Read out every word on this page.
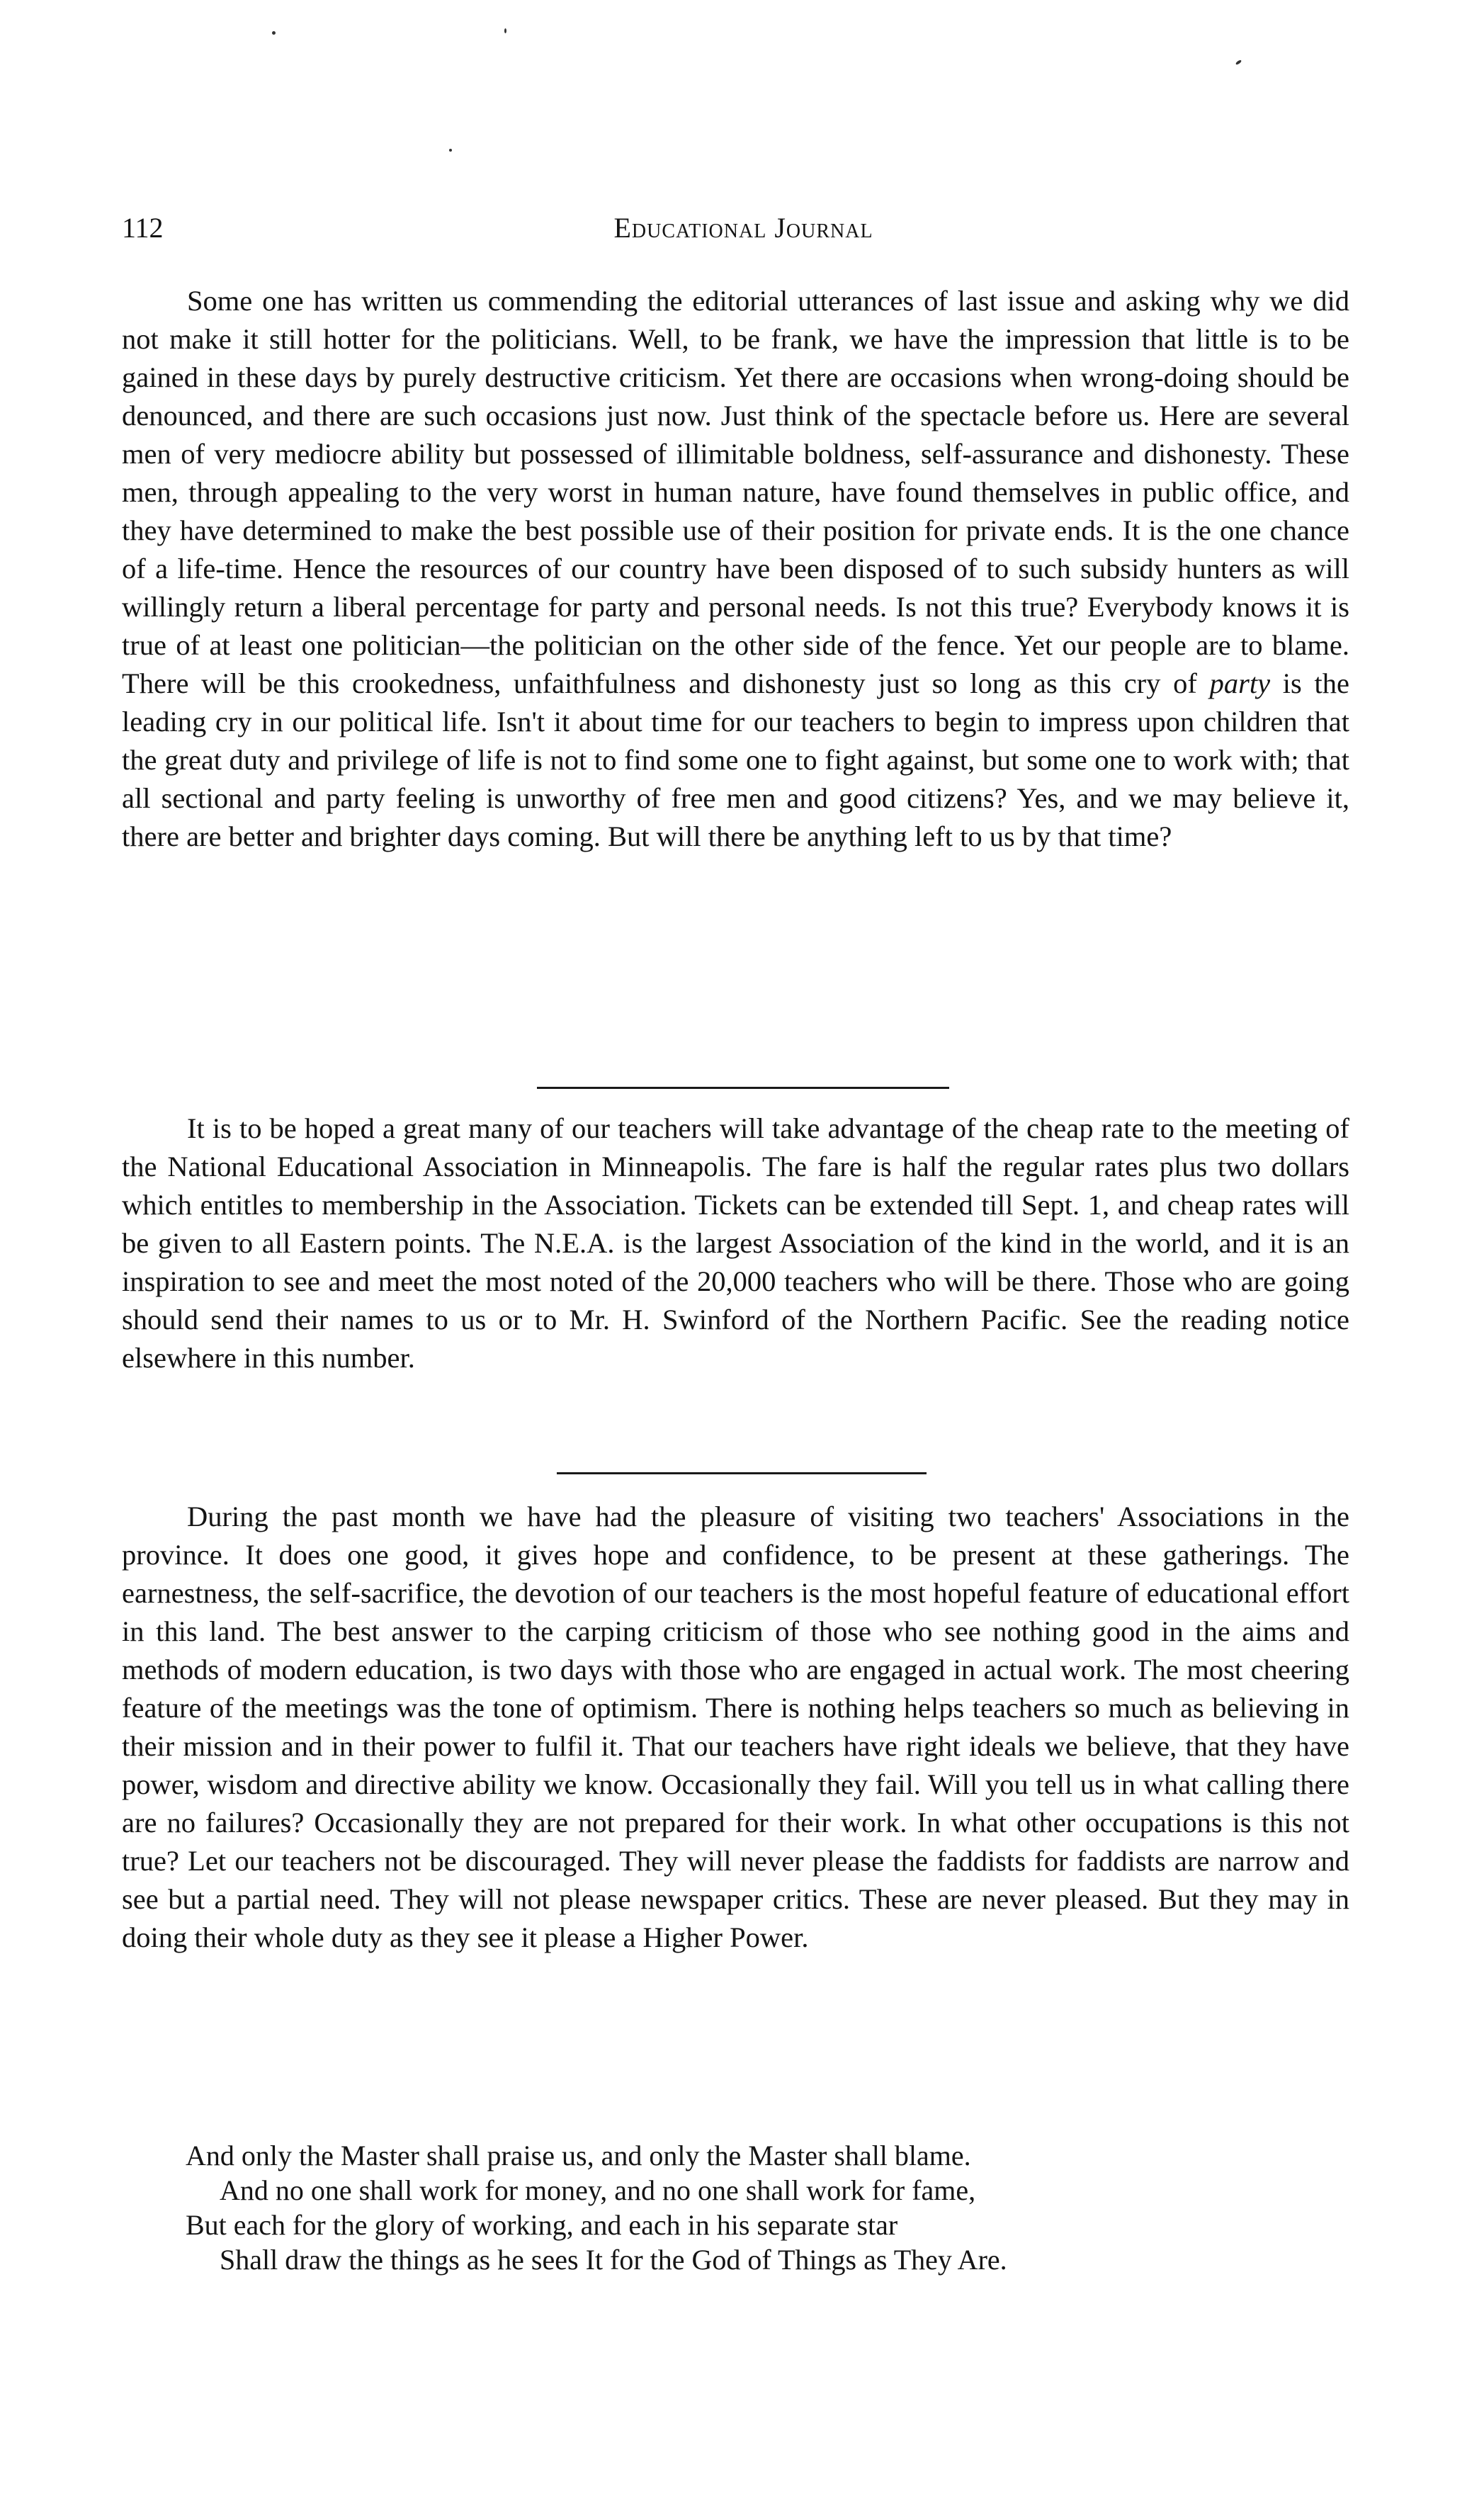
112	Educational Journal

Some one has written us commending the editorial utterances of last issue and asking why we did not make it still hotter for the politicians. Well, to be frank, we have the impression that little is to be gained in these days by purely destructive criticism. Yet there are occasions when wrong-doing should be denounced, and there are such occasions just now. Just think of the spectacle before us. Here are several men of very mediocre ability but possessed of illimitable boldness, self-assurance and dishonesty. These men, through appealing to the very worst in human nature, have found themselves in public office, and they have determined to make the best possible use of their position for private ends. It is the one chance of a life-time. Hence the resources of our country have been disposed of to such subsidy hunters as will willingly return a liberal percentage for party and personal needs. Is not this true? Everybody knows it is true of at least one politician—the politician on the other side of the fence. Yet our people are to blame. There will be this crookedness, unfaithfulness and dishonesty just so long as this cry of party is the leading cry in our political life. Isn't it about time for our teachers to begin to impress upon children that the great duty and privilege of life is not to find some one to fight against, but some one to work with; that all sectional and party feeling is unworthy of free men and good citizens? Yes, and we may believe it, there are better and brighter days coming. But will there be anything left to us by that time?

It is to be hoped a great many of our teachers will take advantage of the cheap rate to the meeting of the National Educational Association in Minneapolis. The fare is half the regular rates plus two dollars which entitles to membership in the Association. Tickets can be extended till Sept. 1, and cheap rates will be given to all Eastern points. The N.E.A. is the largest Association of the kind in the world, and it is an inspiration to see and meet the most noted of the 20,000 teachers who will be there. Those who are going should send their names to us or to Mr. H. Swinford of the Northern Pacific. See the reading notice elsewhere in this number.

During the past month we have had the pleasure of visiting two teachers' Associations in the province. It does one good, it gives hope and confidence, to be present at these gatherings. The earnestness, the self-sacrifice, the devotion of our teachers is the most hopeful feature of educational effort in this land. The best answer to the carping criticism of those who see nothing good in the aims and methods of modern education, is two days with those who are engaged in actual work. The most cheering feature of the meetings was the tone of optimism. There is nothing helps teachers so much as believing in their mission and in their power to fulfil it. That our teachers have right ideals we believe, that they have power, wisdom and directive ability we know. Occasionally they fail. Will you tell us in what calling there are no failures? Occasionally they are not prepared for their work. In what other occupations is this not true? Let our teachers not be discouraged. They will never please the faddists for faddists are narrow and see but a partial need. They will not please newspaper critics. These are never pleased. But they may in doing their whole duty as they see it please a Higher Power.

And only the Master shall praise us, and only the Master shall blame.
And no one shall work for money, and no one shall work for fame,
But each for the glory of working, and each in his separate star
Shall draw the things as he sees It for the God of Things as They Are.
